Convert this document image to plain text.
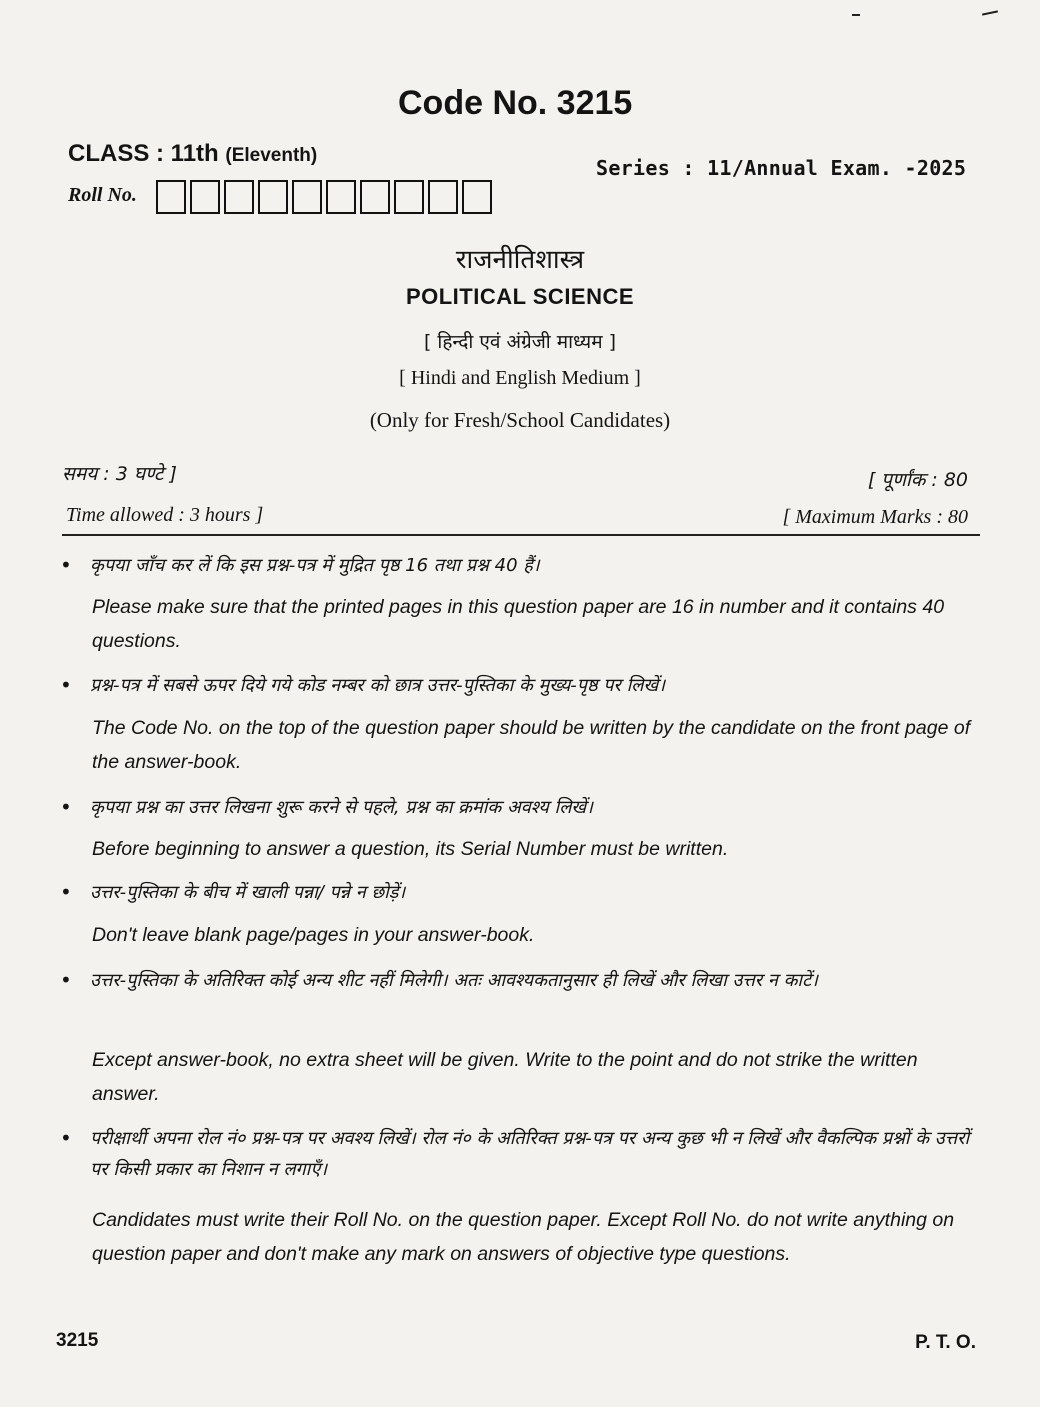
Code No. 3215
CLASS : 11th (Eleventh)
Series : 11/Annual Exam. -2025
Roll No.
राजनीतिशास्त्र
POLITICAL SCIENCE
[ हिन्दी एवं अंग्रेजी माध्यम ]
[ Hindi and English Medium ]
(Only for Fresh/School Candidates)
समय : 3 घण्टे ]	[ पूर्णांक : 80
Time allowed : 3 hours ]	[ Maximum Marks : 80
• कृपया जाँच कर लें कि इस प्रश्न-पत्र में मुद्रित पृष्ठ 16 तथा प्रश्न 40 हैं।
Please make sure that the printed pages in this question paper are 16 in number and it contains 40 questions.
• प्रश्न-पत्र में सबसे ऊपर दिये गये कोड नम्बर को छात्र उत्तर-पुस्तिका के मुख्य-पृष्ठ पर लिखें।
The Code No. on the top of the question paper should be written by the candidate on the front page of the answer-book.
• कृपया प्रश्न का उत्तर लिखना शुरू करने से पहले, प्रश्न का क्रमांक अवश्य लिखें।
Before beginning to answer a question, its Serial Number must be written.
• उत्तर-पुस्तिका के बीच में खाली पन्ना/ पन्ने न छोड़ें।
Don't leave blank page/pages in your answer-book.
• उत्तर-पुस्तिका के अतिरिक्त कोई अन्य शीट नहीं मिलेगी। अतः आवश्यकतानुसार ही लिखें और लिखा उत्तर न काटें।
Except answer-book, no extra sheet will be given. Write to the point and do not strike the written answer.
• परीक्षार्थी अपना रोल नं० प्रश्न-पत्र पर अवश्य लिखें। रोल नं० के अतिरिक्त प्रश्न-पत्र पर अन्य कुछ भी न लिखें और वैकल्पिक प्रश्नों के उत्तरों पर किसी प्रकार का निशान न लगाएँ।
Candidates must write their Roll No. on the question paper. Except Roll No. do not write anything on question paper and don't make any mark on answers of objective type questions.
3215	P. T. O.
